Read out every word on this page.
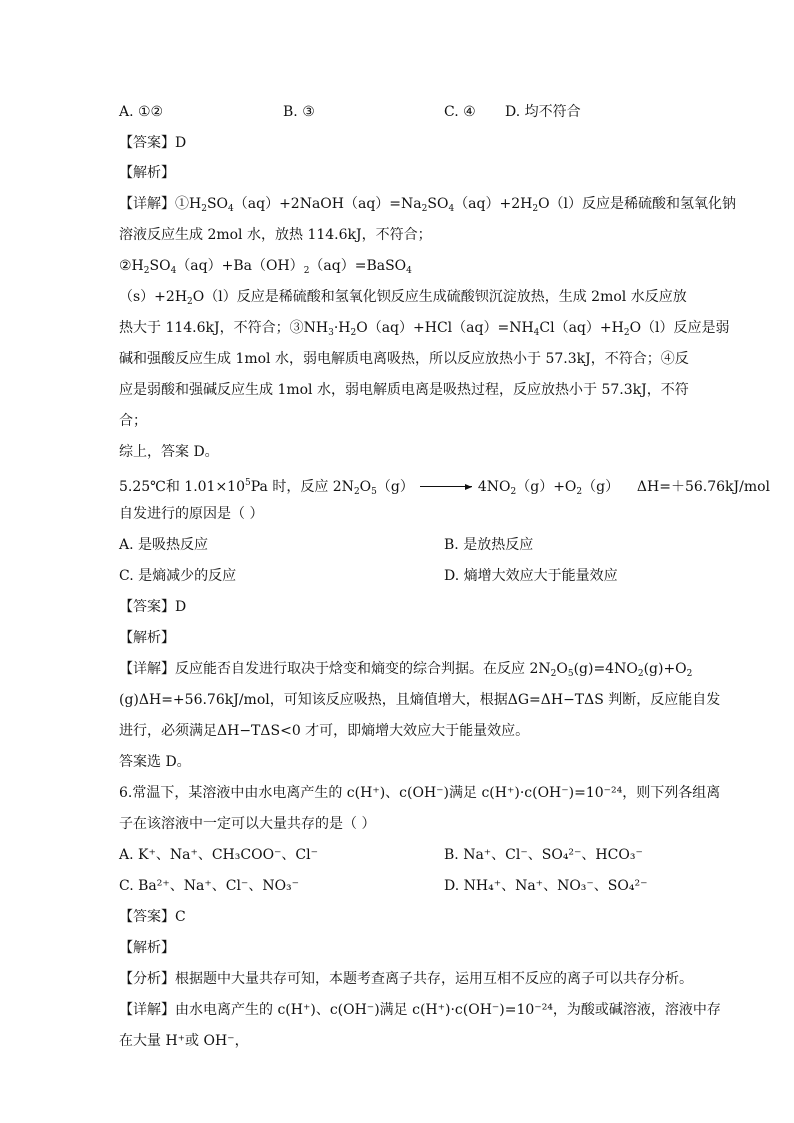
A. ①②	B. ③	C. ④ D. 均不符合
【答案】D
【解析】
【详解】$①H_2SO_4(aq)+2NaOH(aq)=Na_2SO_4(aq)+2H_2O(l)$反应是稀硫酸和氢氧化钠
溶液反应生成 2mol 水，放热 114.6kJ，不符合；
$②H_2SO_4(aq)+Ba(OH)_2(aq)=BaSO_4$
$(s)+2H_2O(l)$反应是稀硫酸和氢氧化钡反应生成硫酸钡沉淀放热，生成 2mol 水反应放
热大于 114.6kJ，不符合；$③NH_3\cdot H_2O(aq)+HCl(aq)=NH_4Cl(aq)+H_2O(l)$反应是弱
碱和强酸反应生成 1mol 水，弱电解质电离吸热，所以反应放热小于 57.3kJ，不符合；④反
应是弱酸和强碱反应生成 1mol 水，弱电解质电离是吸热过程，反应放热小于 57.3kJ，不符
合；
综上，答案 D。
5.25℃和 $1.01\times 10^5Pa$ 时，反应 $2N_2O_5(g)$	$4NO_2(g)+O_2(g)$    ΔH=＋56.76kJ/mol
自发进行的原因是（ ）
A. 是吸热反应	B. 是放热反应
C. 是熵减少的反应	D. 熵增大效应大于能量效应
【答案】D
【解析】
【详解】反应能否自发进行取决于焓变和熵变的综合判据。在反应 $2N_2O_5(g)=4NO_2(g)+O_2$
(g)ΔH=+56.76kJ/mol，可知该反应吸热，且熵值增大，根据ΔG=ΔH−TΔS 判断，反应能自发
进行，必须满足ΔH−TΔS<0 才可，即熵增大效应大于能量效应。
答案选 D。
6.常温下，某溶液中由水电离产生的 c(H⁺)、c(OH⁻)满足 c(H⁺)·c(OH⁻)=10⁻²⁴，则下列各组离
子在该溶液中一定可以大量共存的是（ ）
A. K⁺、Na⁺、CH₃COO⁻、Cl⁻	B. Na⁺、Cl⁻、SO₄²⁻、HCO₃⁻
C. Ba²⁺、Na⁺、Cl⁻、NO₃⁻	D. NH₄⁺、Na⁺、NO₃⁻、SO₄²⁻
【答案】C
【解析】
【分析】根据题中大量共存可知，本题考查离子共存，运用互相不反应的离子可以共存分析。
【详解】由水电离产生的 c(H⁺)、c(OH⁻)满足 c(H⁺)·c(OH⁻)=10⁻²⁴，为酸或碱溶液，溶液中存
在大量 H⁺或 OH⁻，
